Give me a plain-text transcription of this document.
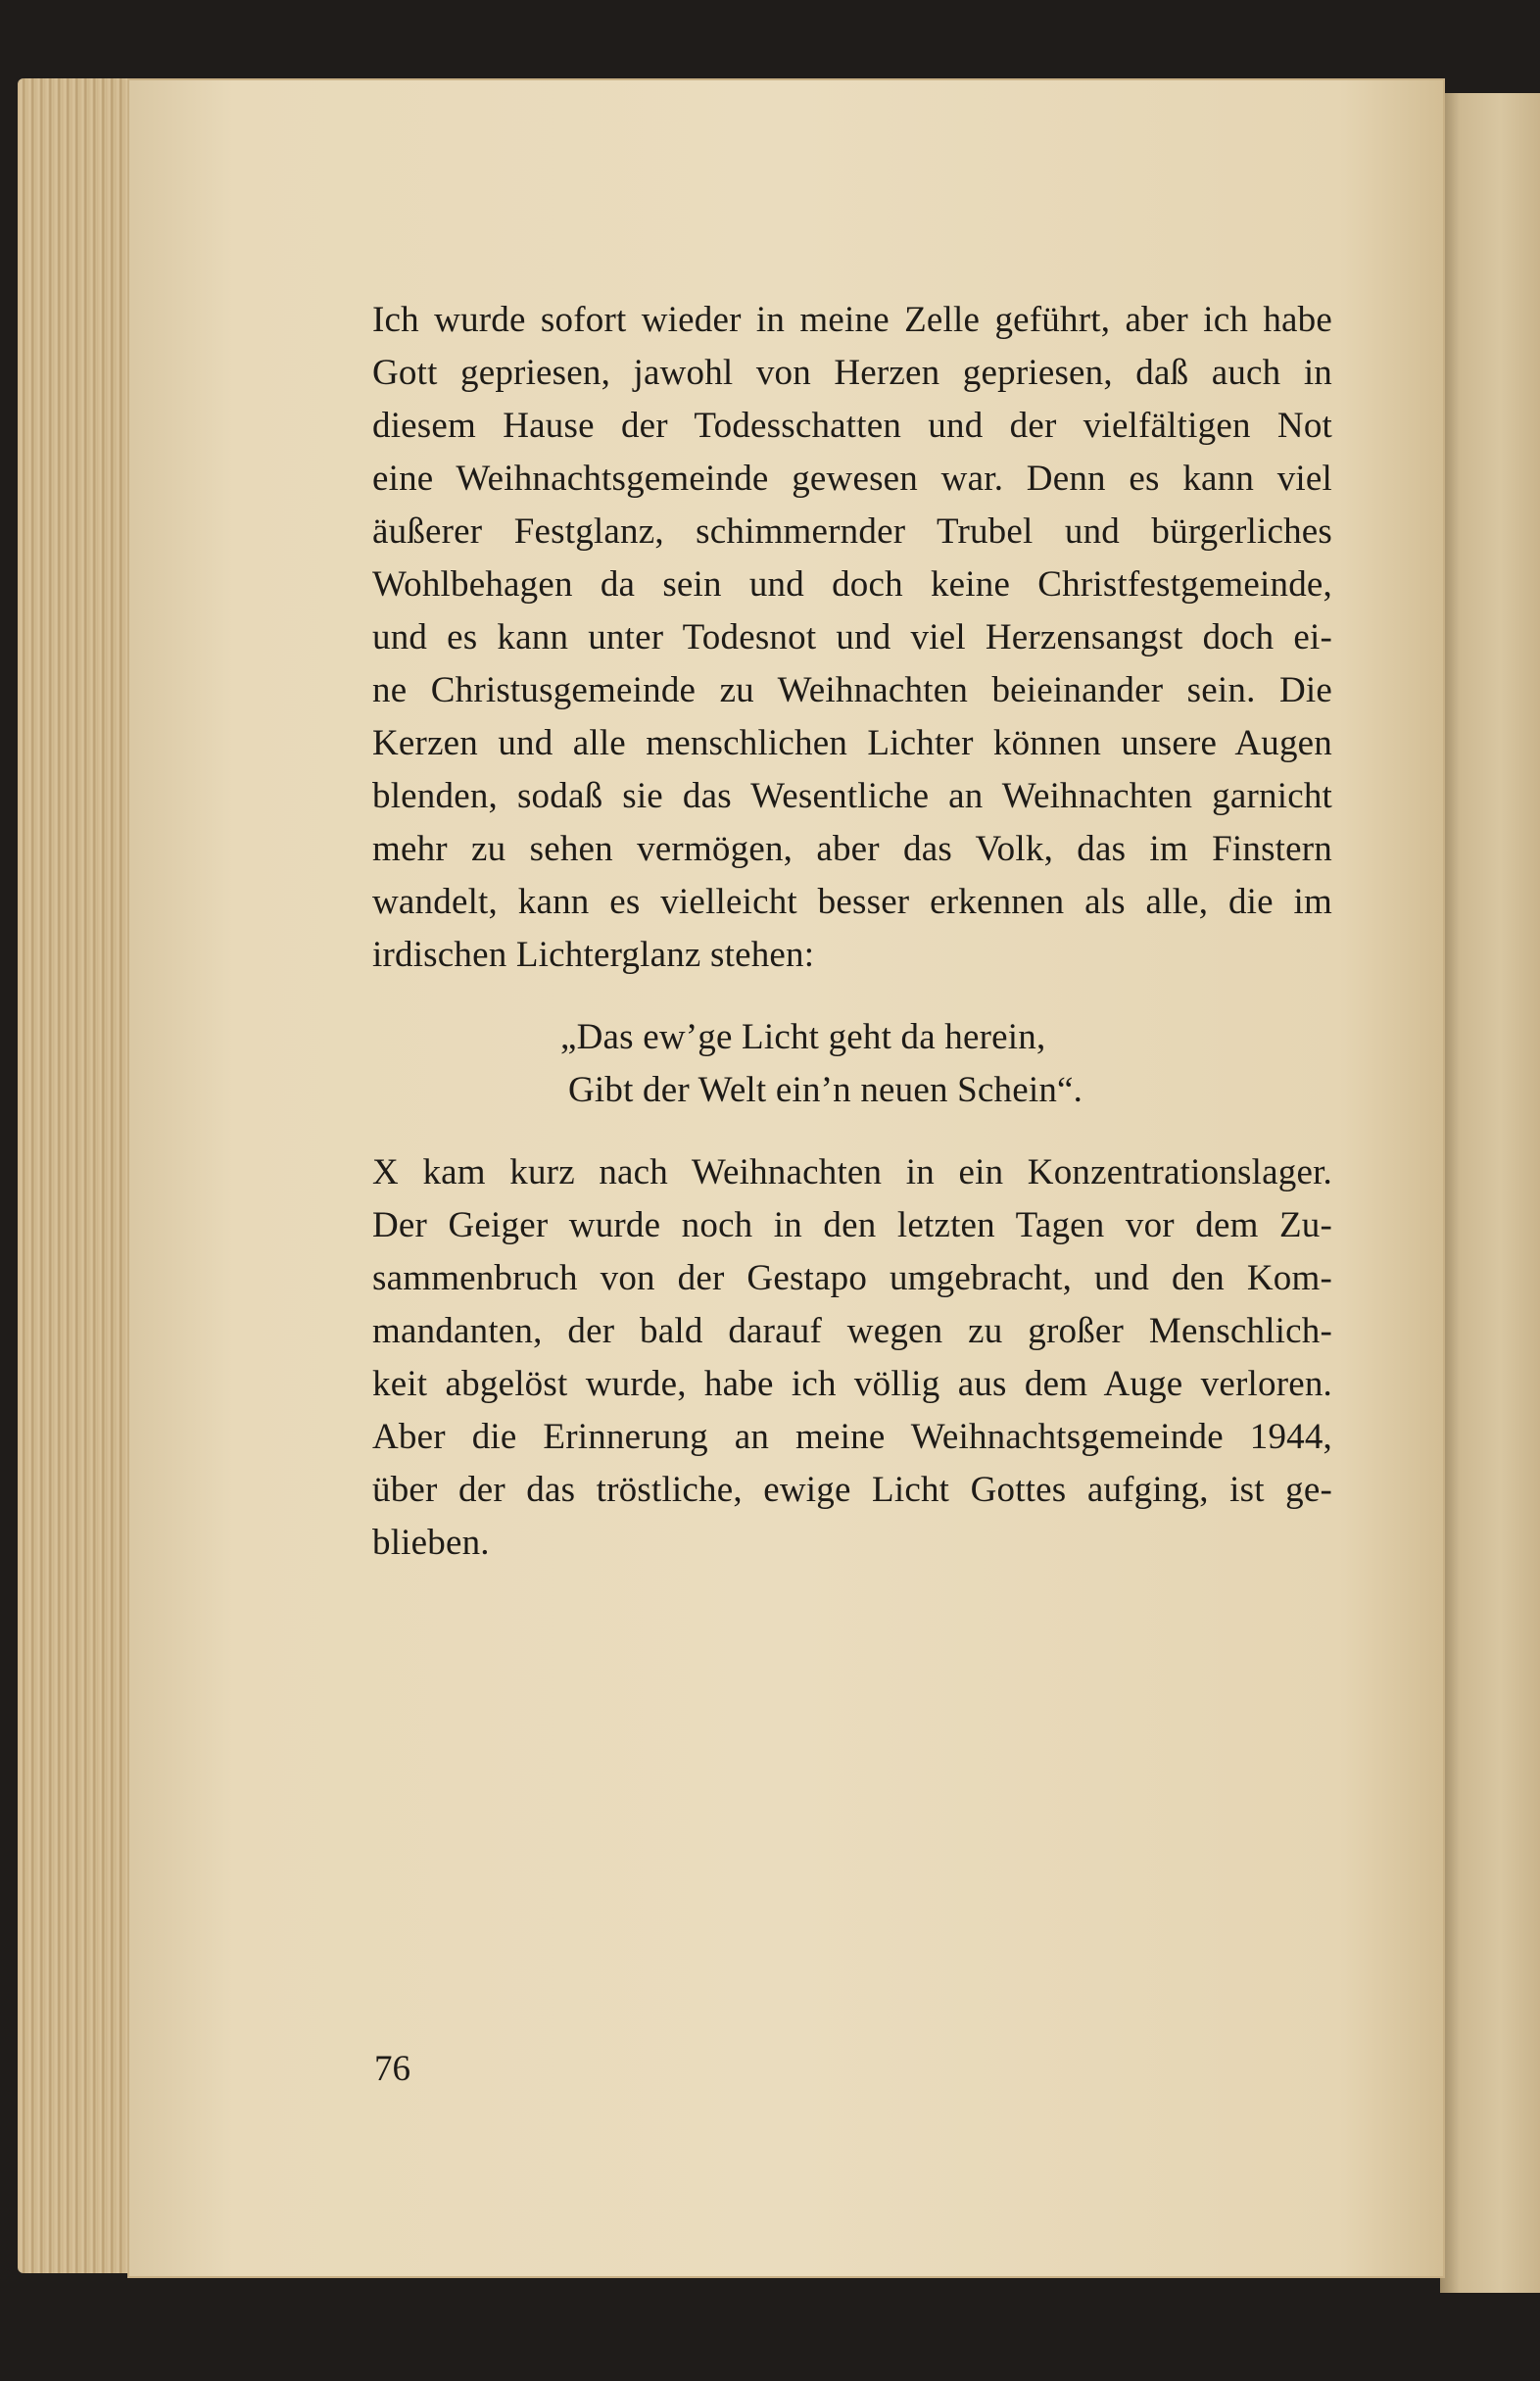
Ich wurde sofort wieder in meine Zelle geführt, aber ich habe
Gott gepriesen, jawohl von Herzen gepriesen, daß auch in
diesem Hause der Todesschatten und der vielfältigen Not
eine Weihnachtsgemeinde gewesen war. Denn es kann viel
äußerer Festglanz, schimmernder Trubel und bürgerliches
Wohlbehagen da sein und doch keine Christfestgemeinde,
und es kann unter Todesnot und viel Herzensangst doch ei-
ne Christusgemeinde zu Weihnachten beieinander sein. Die
Kerzen und alle menschlichen Lichter können unsere Augen
blenden, sodaß sie das Wesentliche an Weihnachten garnicht
mehr zu sehen vermögen, aber das Volk, das im Finstern
wandelt, kann es vielleicht besser erkennen als alle, die im
irdischen Lichterglanz stehen:

„Das ew’ge Licht geht da herein,
Gibt der Welt ein’n neuen Schein“.

X kam kurz nach Weihnachten in ein Konzentrationslager.
Der Geiger wurde noch in den letzten Tagen vor dem Zu-
sammenbruch von der Gestapo umgebracht, und den Kom-
mandanten, der bald darauf wegen zu großer Menschlich-
keit abgelöst wurde, habe ich völlig aus dem Auge verloren.
Aber die Erinnerung an meine Weihnachtsgemeinde 1944,
über der das tröstliche, ewige Licht Gottes aufging, ist ge-
blieben.

76
